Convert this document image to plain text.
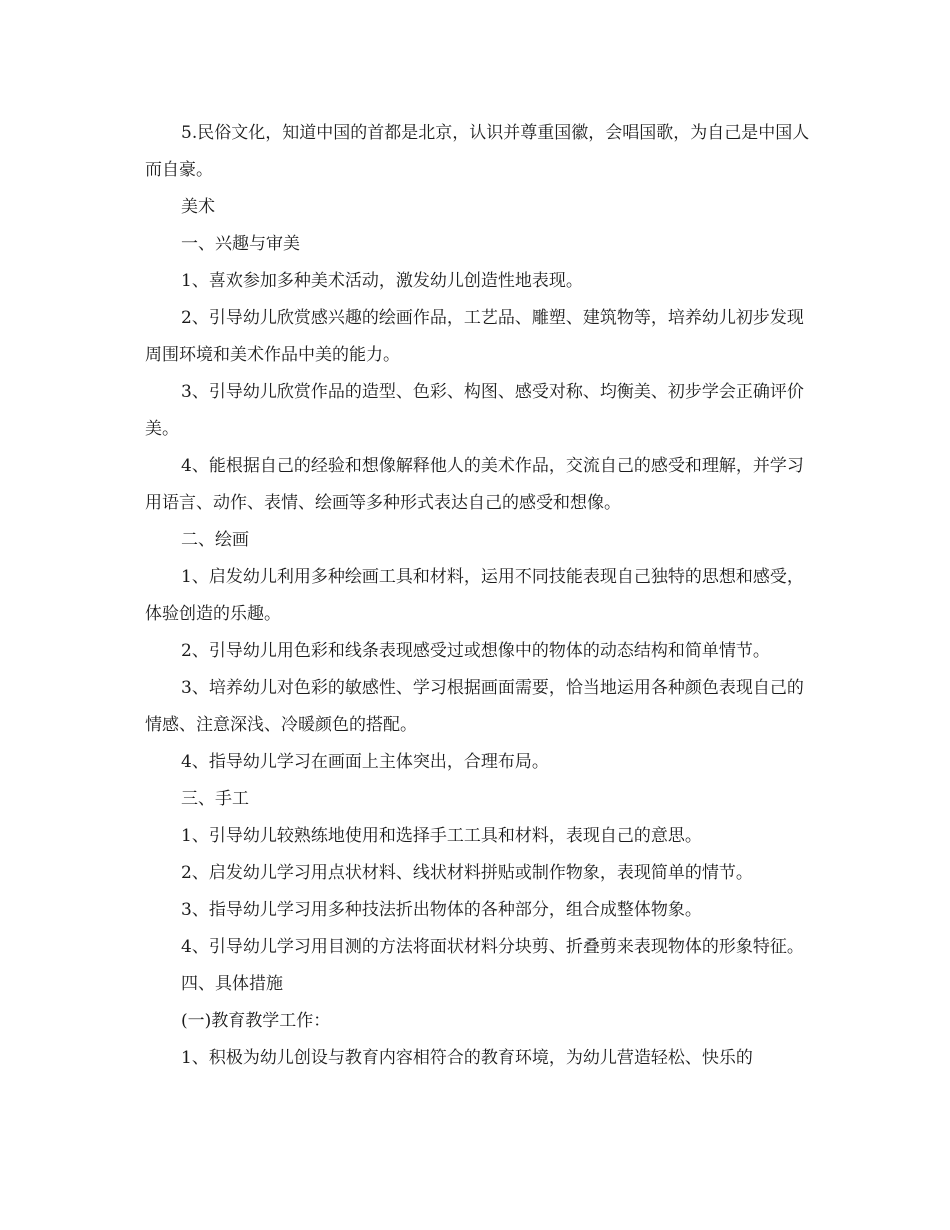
5.民俗文化，知道中国的首都是北京，认识并尊重国徽，会唱国歌，为自己是中国人而自豪。

美术

一、兴趣与审美

1、喜欢参加多种美术活动，激发幼儿创造性地表现。

2、引导幼儿欣赏感兴趣的绘画作品，工艺品、雕塑、建筑物等，培养幼儿初步发现周围环境和美术作品中美的能力。

3、引导幼儿欣赏作品的造型、色彩、构图、感受对称、均衡美、初步学会正确评价美。

4、能根据自己的经验和想像解释他人的美术作品，交流自己的感受和理解，并学习用语言、动作、表情、绘画等多种形式表达自己的感受和想像。

二、绘画

1、启发幼儿利用多种绘画工具和材料，运用不同技能表现自己独特的思想和感受，体验创造的乐趣。

2、引导幼儿用色彩和线条表现感受过或想像中的物体的动态结构和简单情节。

3、培养幼儿对色彩的敏感性、学习根据画面需要，恰当地运用各种颜色表现自己的情感、注意深浅、冷暖颜色的搭配。

4、指导幼儿学习在画面上主体突出，合理布局。

三、手工

1、引导幼儿较熟练地使用和选择手工工具和材料，表现自己的意思。

2、启发幼儿学习用点状材料、线状材料拼贴或制作物象，表现简单的情节。

3、指导幼儿学习用多种技法折出物体的各种部分，组合成整体物象。

4、引导幼儿学习用目测的方法将面状材料分块剪、折叠剪来表现物体的形象特征。

四、具体措施

(一)教育教学工作：

1、积极为幼儿创设与教育内容相符合的教育环境，为幼儿营造轻松、快乐的
